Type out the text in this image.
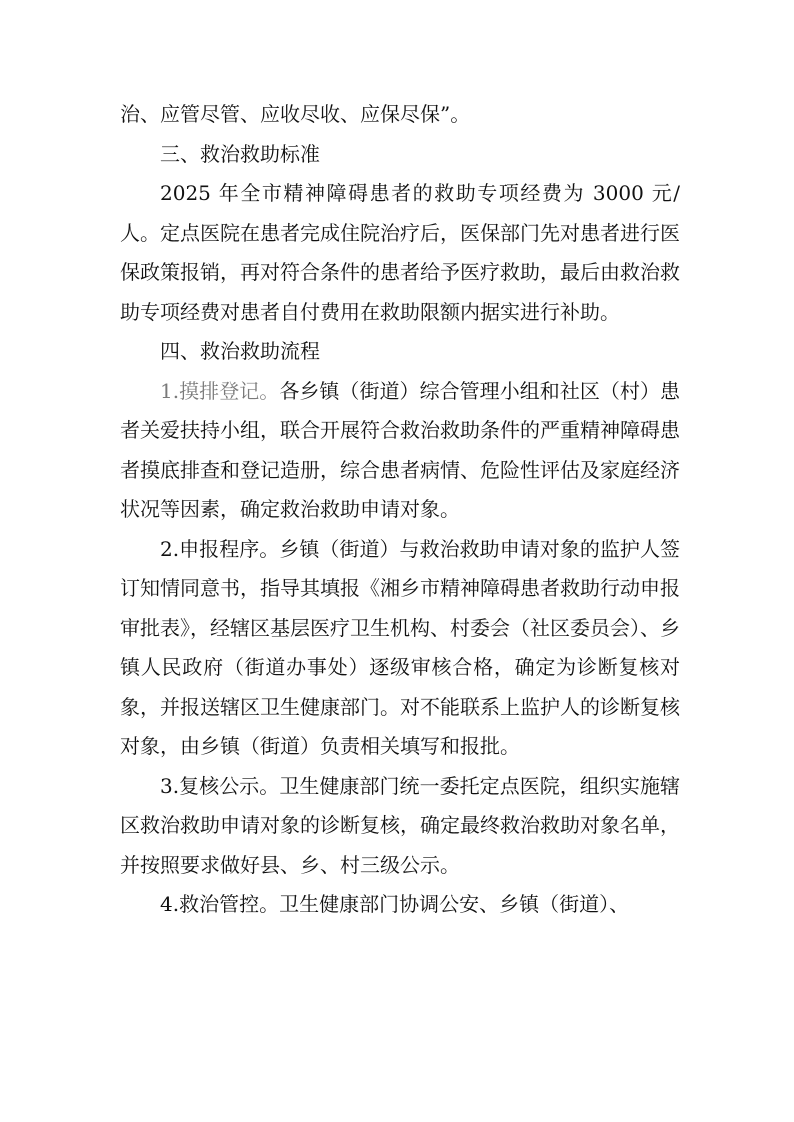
治、应管尽管、应收尽收、应保尽保”。

三、救治救助标准

2025 年全市精神障碍患者的救助专项经费为 3000 元/人。定点医院在患者完成住院治疗后，医保部门先对患者进行医保政策报销，再对符合条件的患者给予医疗救助，最后由救治救助专项经费对患者自付费用在救助限额内据实进行补助。

四、救治救助流程

1.摸排登记。各乡镇（街道）综合管理小组和社区（村）患者关爱扶持小组，联合开展符合救治救助条件的严重精神障碍患者摸底排查和登记造册，综合患者病情、危险性评估及家庭经济状况等因素，确定救治救助申请对象。

2.申报程序。乡镇（街道）与救治救助申请对象的监护人签订知情同意书，指导其填报《湘乡市精神障碍患者救助行动申报审批表》，经辖区基层医疗卫生机构、村委会（社区委员会）、乡镇人民政府（街道办事处）逐级审核合格，确定为诊断复核对象，并报送辖区卫生健康部门。对不能联系上监护人的诊断复核对象，由乡镇（街道）负责相关填写和报批。

3.复核公示。卫生健康部门统一委托定点医院，组织实施辖区救治救助申请对象的诊断复核，确定最终救治救助对象名单，并按照要求做好县、乡、村三级公示。

4.救治管控。卫生健康部门协调公安、乡镇（街道）、
